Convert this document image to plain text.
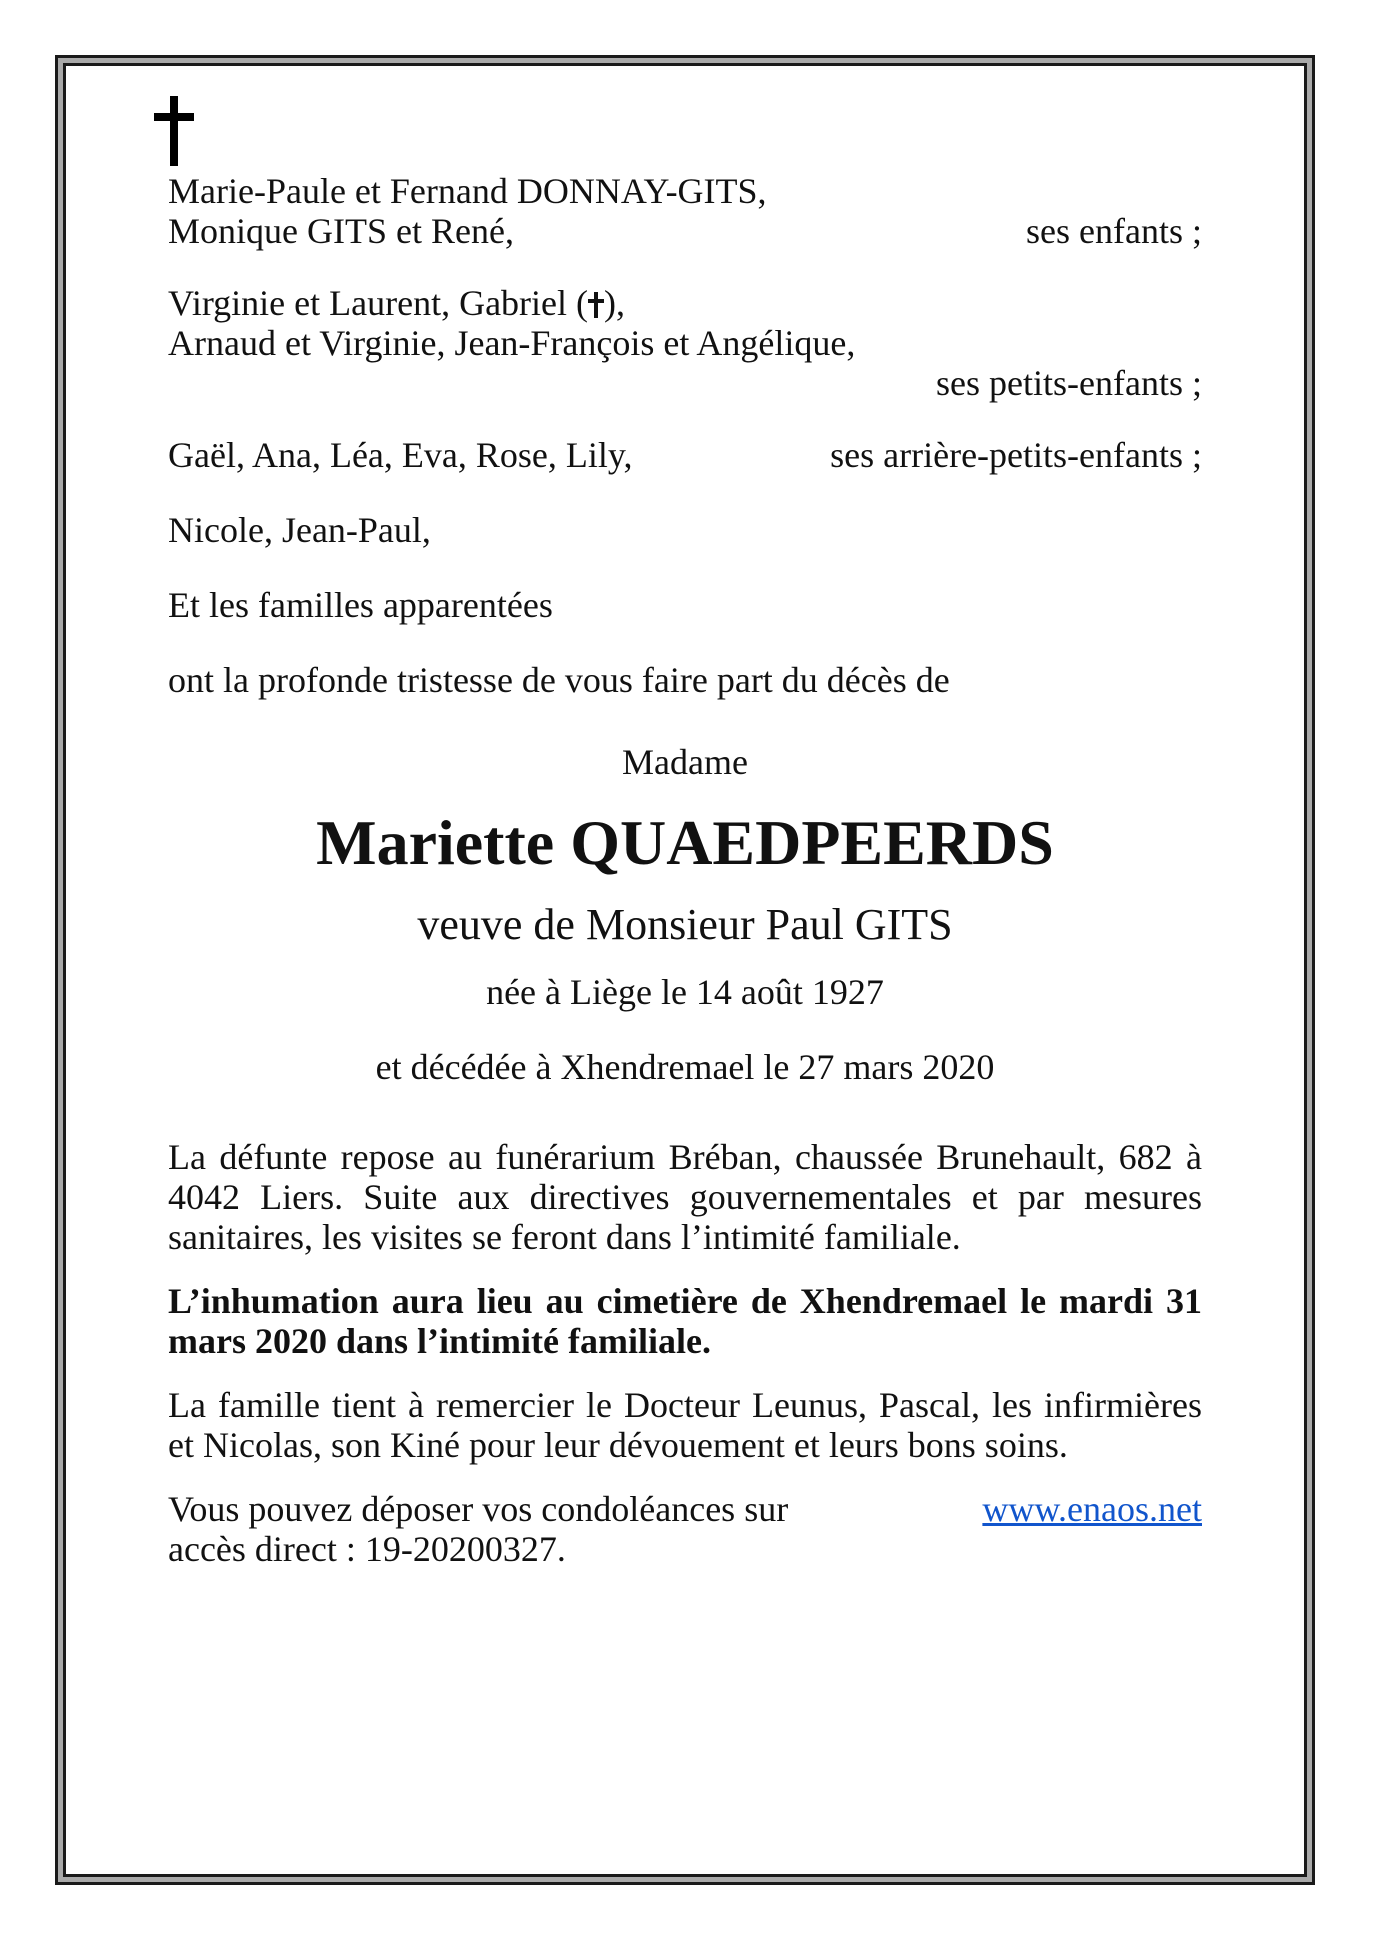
Marie-Paule et Fernand DONNAY-GITS,
Monique GITS et René,	ses enfants ;
Virginie et Laurent, Gabriel ( ),
Arnaud et Virginie, Jean-François et Angélique,
ses petits-enfants ;
Gaël, Ana, Léa, Eva, Rose, Lily,	ses arrière-petits-enfants ;
Nicole, Jean-Paul,
Et les familles apparentées
ont la profonde tristesse de vous faire part du décès de
Madame
Mariette QUAEDPEERDS
veuve de Monsieur Paul GITS
née à Liège le 14 août 1927
et décédée à Xhendremael le 27 mars 2020
La défunte repose au funérarium Bréban, chaussée Brunehault, 682 à 4042 Liers. Suite aux directives gouvernementales et par mesures sanitaires, les visites se feront dans l’intimité familiale.
L’inhumation aura lieu au cimetière de Xhendremael le mardi 31 mars 2020 dans l’intimité familiale.
La famille tient à remercier le Docteur Leunus, Pascal, les infirmières et Nicolas, son Kiné pour leur dévouement et leurs bons soins.
Vous pouvez déposer vos condoléances sur	www.enaos.net
accès direct : 19-20200327.
